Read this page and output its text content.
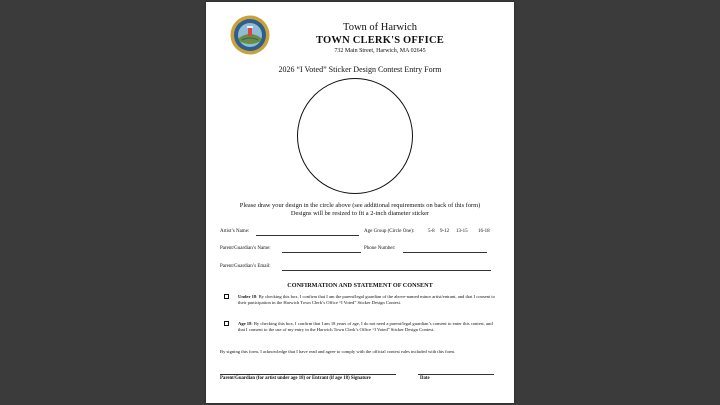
Town of Harwich
TOWN CLERK'S OFFICE
732 Main Street, Harwich, MA 02645
2026 “I Voted” Sticker Design Contest Entry Form
Please draw your design in the circle above (see additional requirements on back of this form)
Designs will be resized to fit a 2-inch diameter sticker
Artist’s Name:	Age Group (Circle One):	5-8 9-12 13-15 16-18
Parent/Guardian’s Name:	Phone Number:
Parent/Guardian’s Email:
CONFIRMATION AND STATEMENT OF CONSENT
Under 18: By checking this box, I confirm that I am the parent/legal guardian of the above-named minor artist/entrant, and that I consent to their participation in the Harwich Town Clerk’s Office “I Voted” Sticker Design Contest.
Age 18: By checking this box, I confirm that I am 18 years of age, I do not need a parent/legal guardian’s consent to enter this contest, and that I consent to the use of my entry in the Harwich Town Clerk’s Office “I Voted” Sticker Design Contest.
By signing this form, I acknowledge that I have read and agree to comply with the official contest rules included with this form.
Parent/Guardian (for artist under age 18) or Entrant (if age 18) Signature	Date
